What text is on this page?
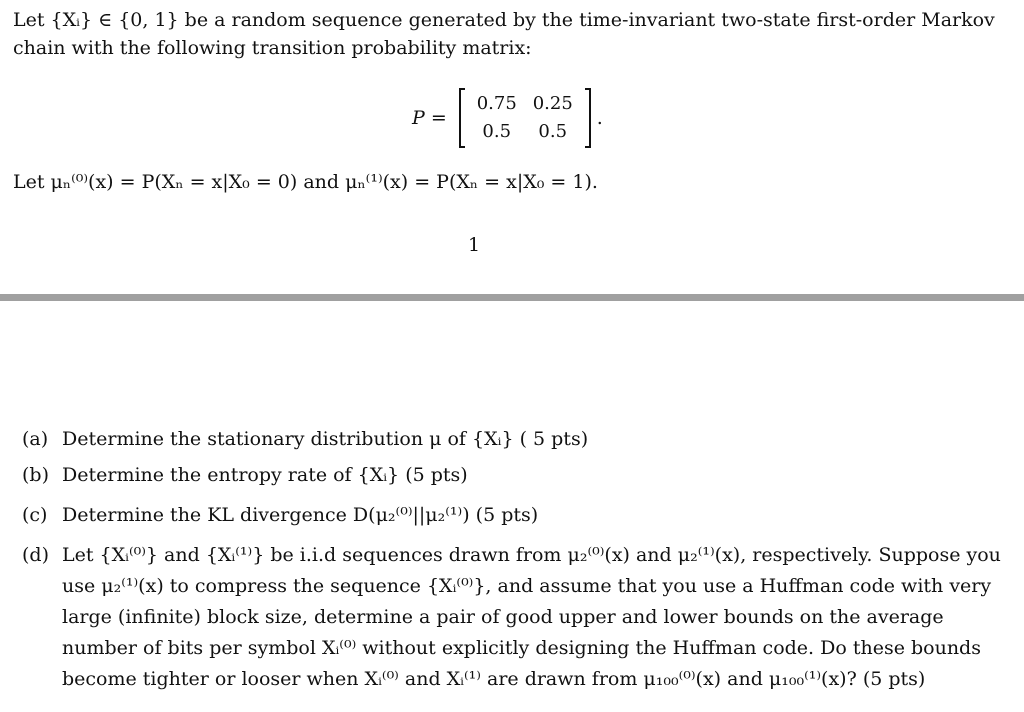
Let {Xᵢ} ∈ {0, 1} be a random sequence generated by the time-invariant two-state first-order Markov chain with the following transition probability matrix:

P =
0.75 0.25
0.5	0.5
.

Let μₙ⁽⁰⁾(x) = P(Xₙ = x|X₀ = 0) and μₙ⁽¹⁾(x) = P(Xₙ = x|X₀ = 1).

1
(a) Determine the stationary distribution μ of {Xᵢ} ( 5 pts)
(b) Determine the entropy rate of {Xᵢ} (5 pts)
(c) Determine the KL divergence D(μ₂⁽⁰⁾||μ₂⁽¹⁾) (5 pts)
(d) Let {Xᵢ⁽⁰⁾} and {Xᵢ⁽¹⁾} be i.i.d sequences drawn from μ₂⁽⁰⁾(x) and μ₂⁽¹⁾(x), respectively. Suppose you use μ₂⁽¹⁾(x) to compress the sequence {Xᵢ⁽⁰⁾}, and assume that you use a Huffman code with very large (infinite) block size, determine a pair of good upper and lower bounds on the average number of bits per symbol Xᵢ⁽⁰⁾ without explicitly designing the Huffman code. Do these bounds become tighter or looser when Xᵢ⁽⁰⁾ and Xᵢ⁽¹⁾ are drawn from μ₁₀₀⁽⁰⁾(x) and μ₁₀₀⁽¹⁾(x)? (5 pts)
